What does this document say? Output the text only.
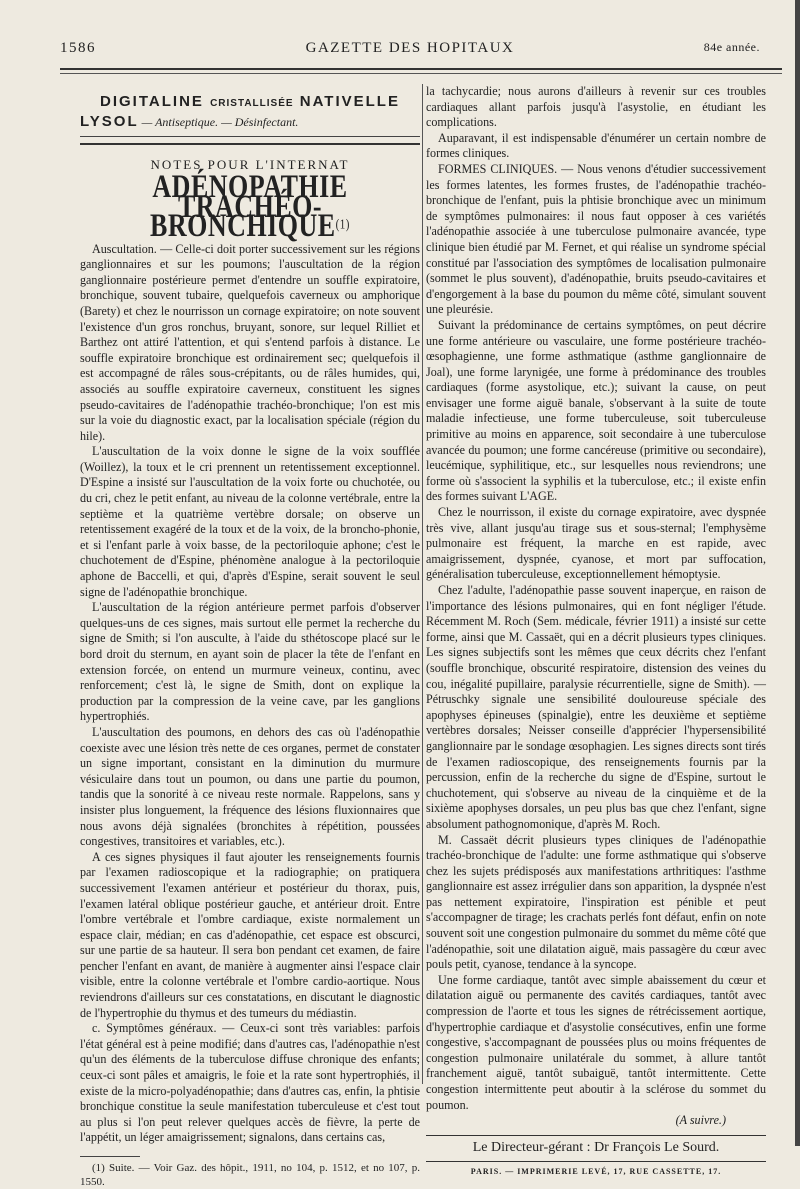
1586	GAZETTE DES HOPITAUX	84e année.
DIGITALINE CRISTALLISÉE NATIVELLE
LYSOL — Antiseptique. — Désinfectant.
NOTES POUR L'INTERNAT
ADÉNOPATHIE TRACHÉO-BRONCHIQUE$^{(1)}$

Auscultation. — Celle-ci doit porter successivement sur les régions ganglionnaires et sur les poumons; l'auscultation de la région ganglionnaire postérieure permet d'entendre un souffle expiratoire, bronchique, souvent tubaire, quelquefois caverneux ou amphorique (Barety) et chez le nourrisson un cornage expiratoire; on note souvent l'existence d'un gros ronchus, bruyant, sonore, sur lequel Rilliet et Barthez ont attiré l'attention, et qui s'entend parfois à distance. Le souffle expiratoire bronchique est ordinairement sec; quelquefois il est accompagné de râles sous-crépitants, ou de râles humides, qui, associés au souffle expiratoire caverneux, constituent les signes pseudo-cavitaires de l'adénopathie trachéo-bronchique; l'on est mis sur la voie du diagnostic exact, par la localisation spéciale (région du hile).

L'auscultation de la voix donne le signe de la voix soufflée (Woillez), la toux et le cri prennent un retentissement exceptionnel. D'Espine a insisté sur l'auscultation de la voix forte ou chuchotée, ou du cri, chez le petit enfant, au niveau de la colonne vertébrale, entre la septième et la quatrième vertèbre dorsale; on observe un retentissement exagéré de la toux et de la voix, de la broncho-phonie, et si l'enfant parle à voix basse, de la pectoriloquie aphone; c'est le chuchotement de d'Espine, phénomène analogue à la pectoriloquie aphone de Baccelli, et qui, d'après d'Espine, serait souvent le seul signe de l'adénopathie bronchique.

L'auscultation de la région antérieure permet parfois d'observer quelques-uns de ces signes, mais surtout elle permet la recherche du signe de Smith; si l'on ausculte, à l'aide du sthétoscope placé sur le bord droit du sternum, en ayant soin de placer la tête de l'enfant en extension forcée, on entend un murmure veineux, continu, avec renforcement; c'est là, le signe de Smith, dont on explique la production par la compression de la veine cave, par les ganglions hypertrophiés.

L'auscultation des poumons, en dehors des cas où l'adénopathie coexiste avec une lésion très nette de ces organes, permet de constater un signe important, consistant en la diminution du murmure vésiculaire dans tout un poumon, ou dans une partie du poumon, tandis que la sonorité à ce niveau reste normale. Rappelons, sans y insister plus longuement, la fréquence des lésions fluxionnaires que nous avons déjà signalées (bronchites à répétition, poussées congestives, transitoires et variables, etc.).

A ces signes physiques il faut ajouter les renseignements fournis par l'examen radioscopique et la radiographie; on pratiquera successivement l'examen antérieur et postérieur du thorax, puis, l'examen latéral oblique postérieur gauche, et antérieur droit. Entre l'ombre vertébrale et l'ombre cardiaque, existe normalement un espace clair, médian; en cas d'adénopathie, cet espace est obscurci, sur une partie de sa hauteur. Il sera bon pendant cet examen, de faire pencher l'enfant en avant, de manière à augmenter ainsi l'espace clair visible, entre la colonne vertébrale et l'ombre cardio-aortique. Nous reviendrons d'ailleurs sur ces constatations, en discutant le diagnostic de l'hypertrophie du thymus et des tumeurs du médiastin.

c. Symptômes généraux. — Ceux-ci sont très variables: parfois l'état général est à peine modifié; dans d'autres cas, l'adénopathie n'est qu'un des éléments de la tuberculose diffuse chronique des enfants; ceux-ci sont pâles et amaigris, le foie et la rate sont hypertrophiés, il existe de la micro-polyadénopathie; dans d'autres cas, enfin, la phtisie bronchique constitue la seule manifestation tuberculeuse et c'est tout au plus si l'on peut relever quelques accès de fièvre, la perte de l'appétit, un léger amaigrissement; signalons, dans certains cas,

(1) Suite. — Voir Gaz. des hôpit., 1911, no 104, p. 1512, et no 107, p. 1550.

la tachycardie; nous aurons d'ailleurs à revenir sur ces troubles cardiaques allant parfois jusqu'à l'asystolie, en étudiant les complications.

Auparavant, il est indispensable d'énumérer un certain nombre de formes cliniques.

FORMES CLINIQUES. — Nous venons d'étudier successivement les formes latentes, les formes frustes, de l'adénopathie trachéo-bronchique de l'enfant, puis la phtisie bronchique avec un minimum de symptômes pulmonaires: il nous faut opposer à ces variétés l'adénopathie associée à une tuberculose pulmonaire avancée, type clinique bien étudié par M. Fernet, et qui réalise un syndrome spécial constitué par l'association des symptômes de localisation pulmonaire (sommet le plus souvent), d'adénopathie, bruits pseudo-cavitaires et d'engorgement à la base du poumon du même côté, simulant souvent une pleurésie.

Suivant la prédominance de certains symptômes, on peut décrire une forme antérieure ou vasculaire, une forme postérieure trachéo-œsophagienne, une forme asthmatique (asthme ganglionnaire de Joal), une forme larynigée, une forme à prédominance des troubles cardiaques (forme asystolique, etc.); suivant la cause, on peut envisager une forme aiguë banale, s'observant à la suite de toute maladie infectieuse, une forme tuberculeuse, soit tuberculeuse primitive au moins en apparence, soit secondaire à une tuberculose avancée du poumon; une forme cancéreuse (primitive ou secondaire), leucémique, syphilitique, etc., sur lesquelles nous reviendrons; une forme où s'associent la syphilis et la tuberculose, etc.; il existe enfin des formes suivant L'AGE.

Chez le nourrisson, il existe du cornage expiratoire, avec dyspnée très vive, allant jusqu'au tirage sus et sous-sternal; l'emphysème pulmonaire est fréquent, la marche en est rapide, avec amaigrissement, dyspnée, cyanose, et mort par suffocation, généralisation tuberculeuse, exceptionnellement hémoptysie.

Chez l'adulte, l'adénopathie passe souvent inaperçue, en raison de l'importance des lésions pulmonaires, qui en font négliger l'étude. Récemment M. Roch (Sem. médicale, février 1911) a insisté sur cette forme, ainsi que M. Cassaët, qui en a décrit plusieurs types cliniques. Les signes subjectifs sont les mêmes que ceux décrits chez l'enfant (souffle bronchique, obscurité respiratoire, distension des veines du cou, inégalité pupillaire, paralysie récurrentielle, signe de Smith). — Pétruschky signale une sensibilité douloureuse spéciale des apophyses épineuses (spinalgie), entre les deuxième et septième vertèbres dorsales; Neisser conseille d'apprécier l'hypersensibilité ganglionnaire par le sondage œsophagien. Les signes directs sont tirés de l'examen radioscopique, des renseignements fournis par la percussion, enfin de la recherche du signe de d'Espine, surtout le chuchotement, qui s'observe au niveau de la cinquième et de la sixième apophyses dorsales, un peu plus bas que chez l'enfant, signe absolument pathognomonique, d'après M. Roch.

M. Cassaët décrit plusieurs types cliniques de l'adénopathie trachéo-bronchique de l'adulte: une forme asthmatique qui s'observe chez les sujets prédisposés aux manifestations arthritiques: l'asthme ganglionnaire est assez irrégulier dans son apparition, la dyspnée n'est pas nettement expiratoire, l'inspiration est pénible et peut s'accompagner de tirage; les crachats perlés font défaut, enfin on note souvent soit une congestion pulmonaire du sommet du même côté que l'adénopathie, soit une dilatation aiguë, mais passagère du cœur avec pouls petit, cyanose, tendance à la syncope.

Une forme cardiaque, tantôt avec simple abaissement du cœur et dilatation aiguë ou permanente des cavités cardiaques, tantôt avec compression de l'aorte et tous les signes de rétrécissement aortique, d'hypertrophie cardiaque et d'asystolie consécutives, enfin une forme congestive, s'accompagnant de poussées plus ou moins fréquentes de congestion pulmonaire unilatérale du sommet, à allure tantôt franchement aiguë, tantôt subaiguë, tantôt intermittente. Cette congestion intermittente peut aboutir à la sclérose du sommet du poumon.

(A suivre.)
Le Directeur-gérant : Dr François Le Sourd.
PARIS. — IMPRIMERIE LEVÉ, 17, RUE CASSETTE, 17.
